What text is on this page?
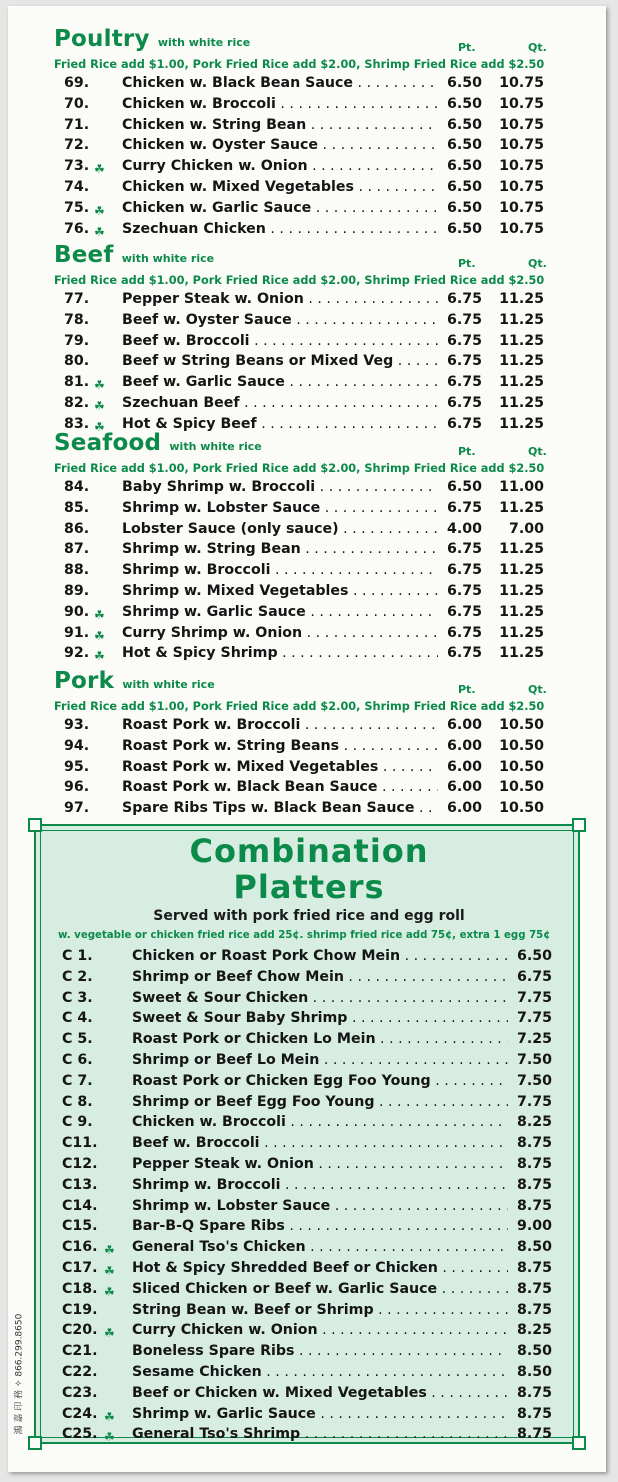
Poultry with white rice	Pt.	Qt.
Fried Rice add $1.00, Pork Fried Rice add $2.00, Shrimp Fried Rice add $2.50
69. Chicken w. Black Bean Sauce . . .	6.50	10.75
70. Chicken w. Broccoli . . .	6.50	10.75
71. Chicken w. String Bean . . .	6.50	10.75
72. Chicken w. Oyster Sauce . . .	6.50	10.75
73. ☘ Curry Chicken w. Onion . . .	6.50	10.75
74. Chicken w. Mixed Vegetables . . .	6.50	10.75
75. ☘ Chicken w. Garlic Sauce . . .	6.50	10.75
76. ☘ Szechuan Chicken . . .	6.50	10.75
Beef with white rice	Pt.	Qt.
Fried Rice add $1.00, Pork Fried Rice add $2.00, Shrimp Fried Rice add $2.50
77. Pepper Steak w. Onion . . .	6.75	11.25
78. Beef w. Oyster Sauce . . .	6.75	11.25
79. Beef w. Broccoli . . .	6.75	11.25
80. Beef w String Beans or Mixed Veg . . .	6.75	11.25
81. ☘ Beef w. Garlic Sauce . . .	6.75	11.25
82. ☘ Szechuan Beef . . .	6.75	11.25
83. ☘ Hot & Spicy Beef . . .	6.75	11.25
Seafood with white rice	Pt.	Qt.
Fried Rice add $1.00, Pork Fried Rice add $2.00, Shrimp Fried Rice add $2.50
84. Baby Shrimp w. Broccoli . . .	6.50	11.00
85. Shrimp w. Lobster Sauce . . .	6.75	11.25
86. Lobster Sauce (only sauce) . . .	4.00	7.00
87. Shrimp w. String Bean . . .	6.75	11.25
88. Shrimp w. Broccoli . . .	6.75	11.25
89. Shrimp w. Mixed Vegetables . . .	6.75	11.25
90. ☘ Shrimp w. Garlic Sauce . . .	6.75	11.25
91. ☘ Curry Shrimp w. Onion . . .	6.75	11.25
92. ☘ Hot & Spicy Shrimp . . .	6.75	11.25
Pork with white rice	Pt.	Qt.
Fried Rice add $1.00, Pork Fried Rice add $2.00, Shrimp Fried Rice add $2.50
93. Roast Pork w. Broccoli . . .	6.00	10.50
94. Roast Pork w. String Beans . . .	6.00	10.50
95. Roast Pork w. Mixed Vegetables . . .	6.00	10.50
96. Roast Pork w. Black Bean Sauce . . .	6.00	10.50
97. Spare Ribs Tips w. Black Bean Sauce . . .	6.00	10.50
Combination
Platters
Served with pork fried rice and egg roll
w. vegetable or chicken fried rice add 25¢. shrimp fried rice add 75¢, extra 1 egg 75¢
C 1.	Chicken or Roast Pork Chow Mein . . .	6.50
C 2.	Shrimp or Beef Chow Mein . . .	6.75
C 3.	Sweet & Sour Chicken . . .	7.75
C 4.	Sweet & Sour Baby Shrimp . . .	7.75
C 5.	Roast Pork or Chicken Lo Mein . . .	7.25
C 6.	Shrimp or Beef Lo Mein . . .	7.50
C 7.	Roast Pork or Chicken Egg Foo Young . . .	7.50
C 8.	Shrimp or Beef Egg Foo Young . . .	7.75
C 9.	Chicken w. Broccoli . . .	8.25
C11. Beef w. Broccoli . . .	8.75
C12. Pepper Steak w. Onion . . .	8.75
C13. Shrimp w. Broccoli . . .	8.75
C14. Shrimp w. Lobster Sauce . . .	8.75
C15. Bar-B-Q Spare Ribs . . .	9.00
C16. ☘ General Tso's Chicken . . .	8.50
C17. ☘ Hot & Spicy Shredded Beef or Chicken . . .	8.75
C18. ☘ Sliced Chicken or Beef w. Garlic Sauce . . .	8.75
C19. String Bean w. Beef or Shrimp . . .	8.75
C20. ☘ Curry Chicken w. Onion . . .	8.25
C21. Boneless Spare Ribs . . .	8.50
C22. Sesame Chicken . . .	8.50
C23. Beef or Chicken w. Mixed Vegetables . . .	8.75
C24. ☘ Shrimp w. Garlic Sauce . . .	8.75
C25. ☘ General Tso's Shrimp . . .	8.75
鴻 嘉 印 務 ✧ 866.299.8650
